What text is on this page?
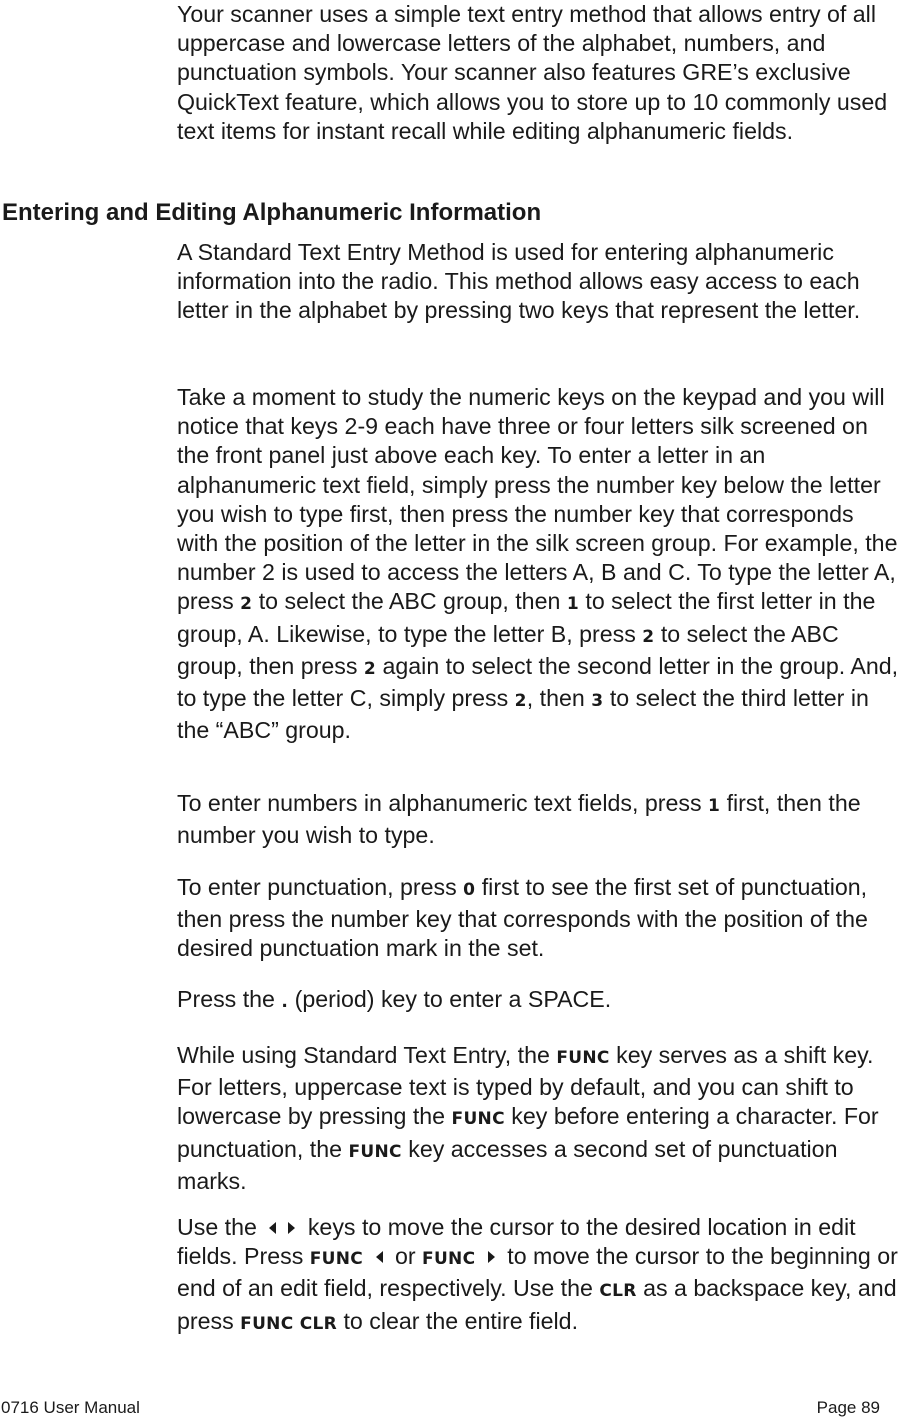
Your scanner uses a simple text entry method that allows entry of all uppercase and lowercase letters of the alphabet, numbers, and punctuation symbols. Your scanner also features GRE’s exclusive QuickText feature, which allows you to store up to 10 commonly used text items for instant recall while editing alphanumeric fields.

Entering and Editing Alphanumeric Information

A Standard Text Entry Method is used for entering alphanumeric information into the radio. This method allows easy access to each letter in the alphabet by pressing two keys that represent the letter.

Take a moment to study the numeric keys on the keypad and you will notice that keys 2-9 each have three or four letters silk screened on the front panel just above each key. To enter a letter in an alphanumeric text field, simply press the number key below the letter you wish to type first, then press the number key that corresponds with the position of the letter in the silk screen group. For example, the number 2 is used to access the letters A, B and C. To type the letter A, press 2 to select the ABC group, then 1 to select the first letter in the group, A. Likewise, to type the letter B, press 2 to select the ABC group, then press 2 again to select the second letter in the group. And, to type the letter C, simply press 2, then 3 to select the third letter in the “ABC” group.

To enter numbers in alphanumeric text fields, press 1 first, then the number you wish to type.

To enter punctuation, press 0 first to see the first set of punctuation, then press the number key that corresponds with the position of the desired punctuation mark in the set.

Press the . (period) key to enter a SPACE.

While using Standard Text Entry, the FUNC key serves as a shift key. For letters, uppercase text is typed by default, and you can shift to lowercase by pressing the FUNC key before entering a character. For punctuation, the FUNC key accesses a second set of punctuation marks.

Use the keys to move the cursor to the desired location in edit fields. Press FUNC  or FUNC  to move the cursor to the beginning or end of an edit field, respectively. Use the CLR as a backspace key, and press FUNC CLR to clear the entire field.

0716 User Manual	Page 89
